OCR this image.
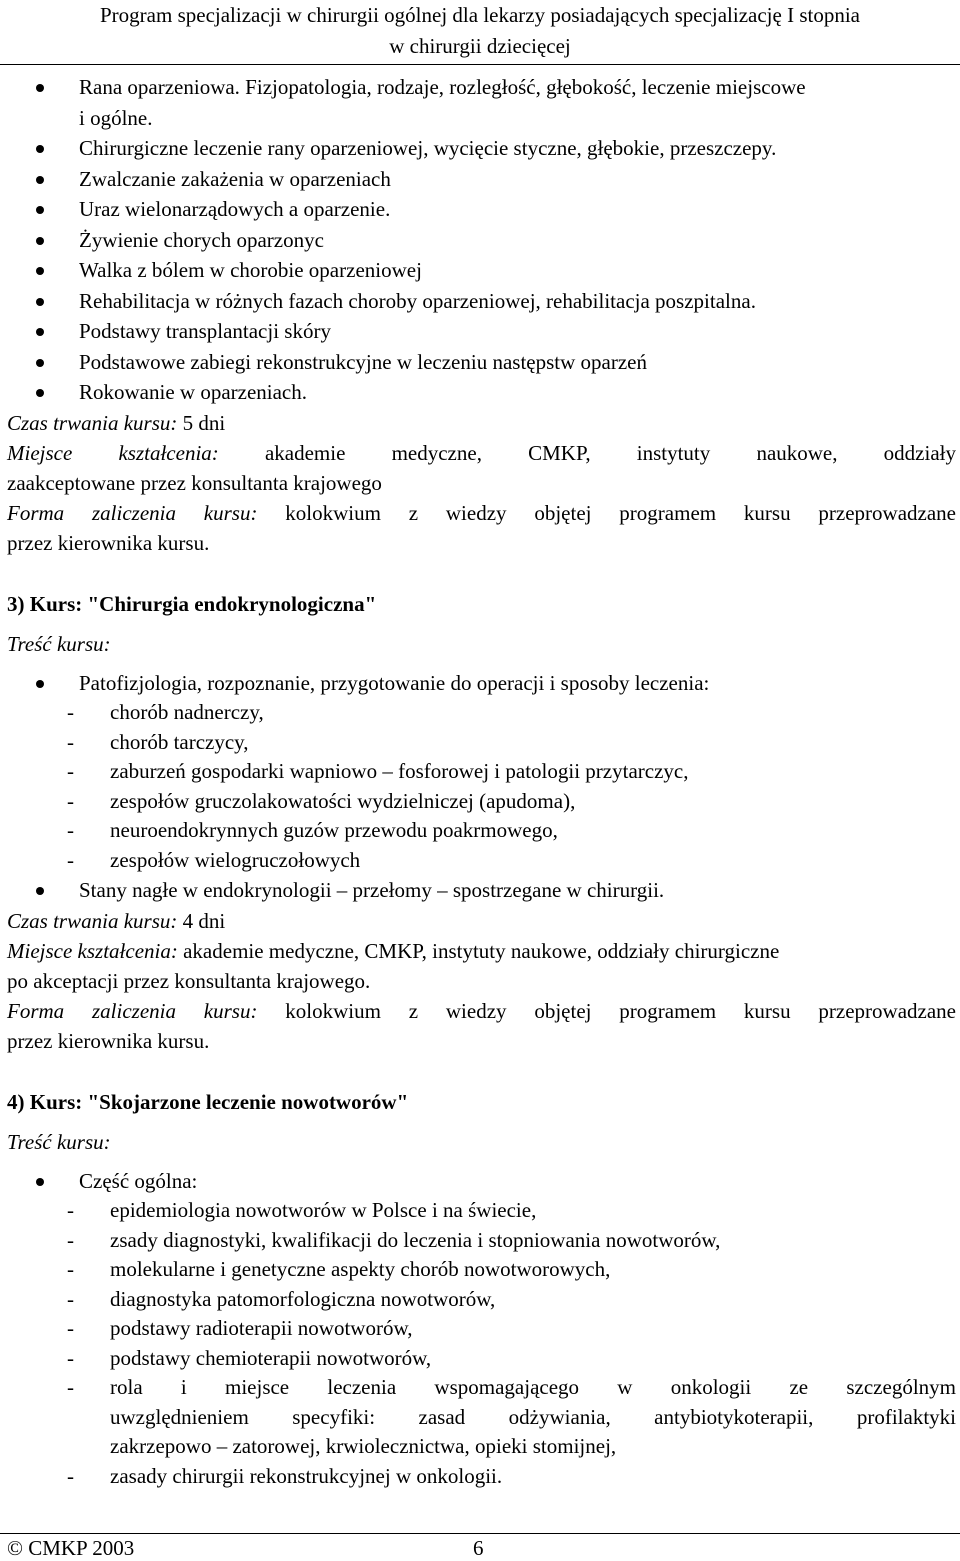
Program specjalizacji w chirurgii ogólnej dla lekarzy posiadających specjalizację I stopnia
w chirurgii dziecięcej
Rana oparzeniowa. Fizjopatologia, rodzaje, rozległość, głębokość, leczenie miejscowe
i ogólne.
Chirurgiczne leczenie rany oparzeniowej, wycięcie styczne, głębokie, przeszczepy.
Zwalczanie zakażenia w oparzeniach
Uraz wielonarządowych a oparzenie.
Żywienie chorych oparzonyc
Walka z bólem w chorobie oparzeniowej
Rehabilitacja w różnych fazach choroby oparzeniowej, rehabilitacja poszpitalna.
Podstawy transplantacji skóry
Podstawowe zabiegi rekonstrukcyjne w leczeniu następstw oparzeń
Rokowanie w oparzeniach.
Czas trwania kursu: 5 dni
Miejsce kształcenia: akademie medyczne, CMKP, instytuty naukowe, oddziały
zaakceptowane przez konsultanta krajowego
Forma zaliczenia kursu: kolokwium z wiedzy objętej programem kursu przeprowadzane
przez kierownika kursu.
3) Kurs: "Chirurgia endokrynologiczna"
Treść kursu:
Patofizjologia, rozpoznanie, przygotowanie do operacji i sposoby leczenia:
- chorób nadnerczy,
- chorób tarczycy,
- zaburzeń gospodarki wapniowo – fosforowej i patologii przytarczyc,
- zespołów gruczolakowatości wydzielniczej (apudoma),
- neuroendokrynnych guzów przewodu poakrmowego,
- zespołów wielogruczołowych
Stany nagłe w endokrynologii – przełomy – spostrzegane w chirurgii.
Czas trwania kursu: 4 dni
Miejsce kształcenia: akademie medyczne, CMKP, instytuty naukowe, oddziały chirurgiczne
po akceptacji przez konsultanta krajowego.
Forma zaliczenia kursu: kolokwium z wiedzy objętej programem kursu przeprowadzane
przez kierownika kursu.
4) Kurs: "Skojarzone leczenie nowotworów"
Treść kursu:
Część ogólna:
- epidemiologia nowotworów w Polsce i na świecie,
- zsady diagnostyki, kwalifikacji do leczenia i stopniowania nowotworów,
- molekularne i genetyczne aspekty chorób nowotworowych,
- diagnostyka patomorfologiczna nowotworów,
- podstawy radioterapii nowotworów,
- podstawy chemioterapii nowotworów,
- rola i miejsce leczenia wspomagającego w onkologii ze szczególnym
uwzględnieniem specyfiki: zasad odżywiania, antybiotykoterapii, profilaktyki
zakrzepowo – zatorowej, krwiolecznictwa, opieki stomijnej,
- zasady chirurgii rekonstrukcyjnej w onkologii.
© CMKP 2003	6
